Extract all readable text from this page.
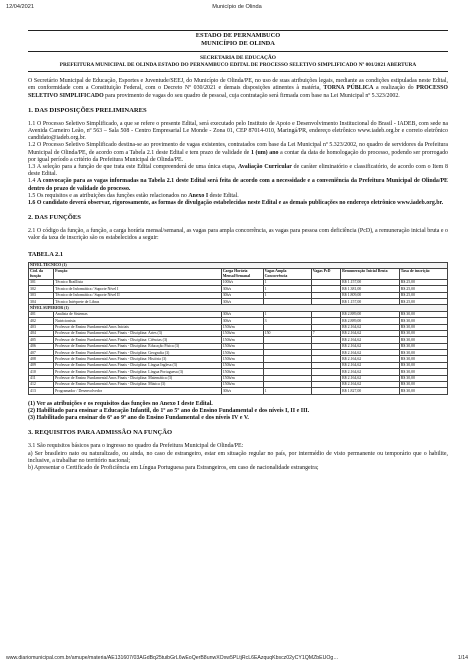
12/04/2021	Município de Olinda
ESTADO DE PERNAMBUCO
MUNICÍPIO DE OLINDA
SECRETARIA DE EDUCAÇÃO
PREFEITURA MUNICIPAL DE OLINDA ESTADO DO PERNAMBUCO EDITAL DE PROCESSO SELETIVO SIMPLIFICADO Nº 001/2021 ABERTURA

O Secretário Municipal de Educação, Esportes e Juventude/SEEJ, do Município de Olinda/PE, no uso de suas atribuições legais, mediante as condições estipuladas neste Edital, em conformidade com a Constituição Federal, com o Decreto Nº 030/2021 e demais disposições atinentes à matéria, TORNA PÚBLICA a realização do PROCESSO SELETIVO SIMPLIFICADO para provimento de vagas do seu quadro de pessoal, cuja contratação será firmada com base na Lei Municipal nº 5.323/2002.

1. DAS DISPOSIÇÕES PRELIMINARES

1.1 O Processo Seletivo Simplificado, a que se refere o presente Edital, será executado pelo Instituto de Apoio e Desenvolvimento Institucional do Brasil - IADEB, com sede na Avenida Carneiro Leão, nº 563 – Sala 508 - Centro Empresarial Le Monde - Zona 01, CEP 87014-010, Maringá/PR, endereço eletrônico www.iadeb.org.br e correio eletrônico candidato@iadeb.org.br.

1.2 O Processo Seletivo Simplificado destina-se ao provimento de vagas existentes, contratados com base da Lei Municipal nº 5.323/2002, no quadro de servidores da Prefeitura Municipal de Olinda/PE, de acordo com a Tabela 2.1 deste Edital e tem prazo de validade de 1 (um) ano a contar da data de homologação do processo, podendo ser prorrogado por igual período a critério da Prefeitura Municipal de Olinda/PE.

1.3 A seleção para a função de que trata este Edital compreenderá de uma única etapa, Avaliação Curricular de caráter eliminatório e classificatório, de acordo com o Item 8 deste Edital.

1.4 A convocação para as vagas informadas na Tabela 2.1 deste Edital será feita de acordo com a necessidade e a conveniência da Prefeitura Municipal de Olinda/PE dentro do prazo de validade do processo.

1.5 Os requisitos e as atribuições das funções estão relacionados no Anexo I deste Edital.

1.6 O candidato deverá observar, rigorosamente, as formas de divulgação estabelecidas neste Edital e as demais publicações no endereço eletrônico www.iadeb.org.br.

2. DAS FUNÇÕES

2.1 O código da função, a função, a carga horária mensal/semanal, as vagas para ampla concorrência, as vagas para pessoa com deficiência (PcD), a remuneração inicial bruta e o valor da taxa de inscrição são os estabelecidos a seguir:

TABELA 2.1
NÍVEL TÉCNICO (1)						
Cód. da função	Função	Carga Horária Mensal/Semanal	Vagas Ampla Concorrência	Vagas PcD	Remuneração Inicial Bruta	Taxa de inscrição
301	Técnico Braillista	100h/s	1		R$ 1.157,00	R$ 25,00
302	Técnico de Informática / Suporte Nível I	30h/s	1		R$ 1.381,00	R$ 25,00
303	Técnico de Informática / Suporte Nível II	30h/s	1		R$ 1.809,00	R$ 25,00
304	Técnico Intérprete de Libras	30h/s			R$ 1.157,00	R$ 25,00
NÍVEL SUPERIOR (1)						
401	Analista de Sistemas	30h/s	1		R$ 2.889,00	R$ 30,00
402	Nutricionista	30h/s	3		R$ 2.889,00	R$ 30,00
403	Professor de Ensino Fundamental Anos Iniciais	150h/m			R$ 2.164,62	R$ 30,00
404	Professor de Ensino Fundamental Anos Finais - Disciplina: Artes (3)	150h/m	150	7	R$ 2.164,62	R$ 30,00
405	Professor de Ensino Fundamental Anos Finais - Disciplina: Ciências (3)	150h/m			R$ 2.164,62	R$ 30,00
406	Professor de Ensino Fundamental Anos Finais - Disciplina: Educação Física (3)	150h/m			R$ 2.164,62	R$ 30,00
407	Professor de Ensino Fundamental Anos Finais - Disciplina: Geografia (3)	150h/m			R$ 2.164,62	R$ 30,00
408	Professor de Ensino Fundamental Anos Finais - Disciplina: História (3)	150h/m			R$ 2.164,62	R$ 30,00
409	Professor de Ensino Fundamental Anos Finais - Disciplina: Língua Inglesa (3)	150h/m			R$ 2.164,62	R$ 30,00
410	Professor de Ensino Fundamental Anos Finais - Disciplina: Língua Portuguesa (3)	150h/m			R$ 2.164,62	R$ 30,00
411	Professor de Ensino Fundamental Anos Finais - Disciplina: Matemática (3)	150h/m			R$ 2.164,62	R$ 30,00
412	Professor de Ensino Fundamental Anos Finais - Disciplina: Música (3)	150h/m			R$ 2.164,62	R$ 30,00
413	Programador / Desenvolvedor	30h/s	1		R$ 1.827,00	R$ 30,00

(1) Ver as atribuições e os requisitos das funções no Anexo I deste Edital.

(2) Habilitado para ensinar a Educação Infantil, do 1º ao 5º ano do Ensino Fundamental e dos níveis I, II e III.

(3) Habilitado para ensinar do 6º ao 9º ano do Ensino Fundamental e dos níveis IV e V.

3. REQUISITOS PARA ADMISSÃO NA FUNÇÃO

3.1 São requisitos básicos para o ingresso no quadro da Prefeitura Municipal de Olinda/PE:

a) Ser brasileiro nato ou naturalizado, ou ainda, no caso de estrangeiro, estar em situação regular no país, por intermédio de visto permanente ou temporário que o habilite, inclusive, a trabalhar no território nacional;

b) Apresentar o Certificado de Proficiência em Língua Portuguesa para Estrangeiros, em caso de nacionalidade estrangeira;

www.diariomunicipal.com.br/amupe/materia/AE131607/03AGdBq25tuibGrL6wEoQerB8unwXOxw5PLtjRcL6EAzquqKbscz02yCY1QMZbEUOg…	1/14
